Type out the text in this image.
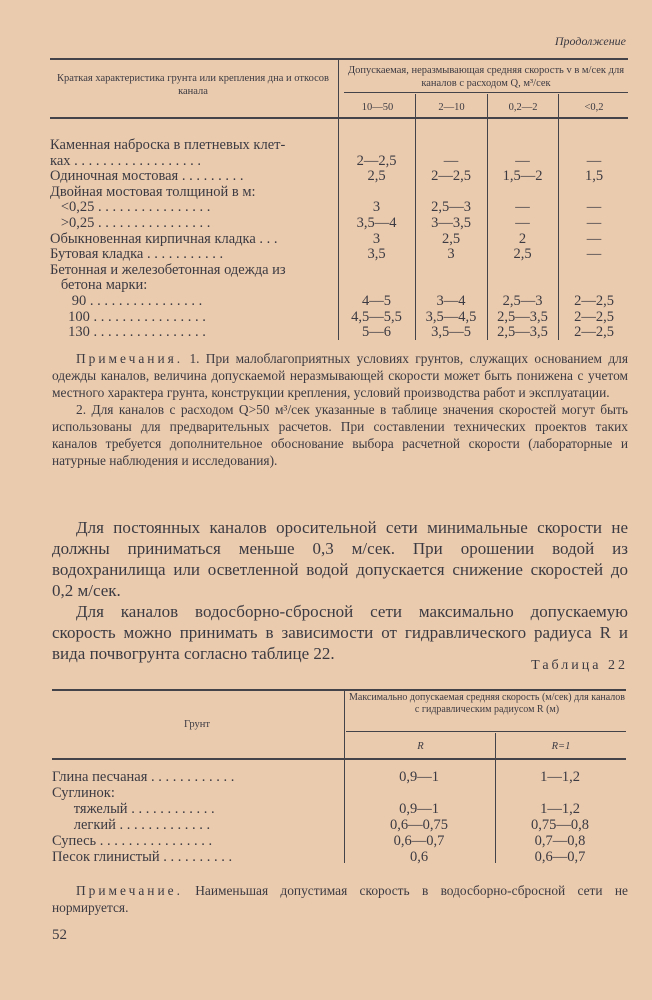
Продолжение
Краткая характеристика грунта или крепления дна и откосов канала
Допускаемая, неразмывающая средняя скорость v в м/сек для каналов с расходом Q, м³/сек
10—50	2—10	0,2—2	<0,2
Каменная наброска в плетневых клет-
ках . . . . . . . . . . . . . . . . . .	2—2,5	—	—	—
Одиночная мостовая . . . . . . . . .	2,5	2—2,5	1,5—2	1,5
Двойная мостовая толщиной в м:
<0,25 . . . . . . . . . . . . . . . .	3	2,5—3	—	—
>0,25 . . . . . . . . . . . . . . . .	3,5—4	3—3,5	—	—
Обыкновенная кирпичная кладка . . .	3	2,5	2	—
Бутовая кладка . . . . . . . . . . .	3,5	3	2,5	—
Бетонная и железобетонная одежда из
бетона марки:
90 . . . . . . . . . . . . . . . .	4—5	3—4	2,5—3	2—2,5
100 . . . . . . . . . . . . . . . .	4,5—5,5	3,5—4,5	2,5—3,5	2—2,5
130 . . . . . . . . . . . . . . . .	5—6	3,5—5	2,5—3,5	2—2,5

Примечания. 1. При малоблагоприятных условиях грунтов, служащих основанием для одежды каналов, величина допускаемой неразмывающей скорости может быть понижена с учетом местного характера грунта, конструкции крепления, условий производства работ и эксплуатации.

2. Для каналов с расходом Q>50 м³/сек указанные в таблице значения скоростей могут быть использованы для предварительных расчетов. При составлении технических проектов таких каналов требуется дополнительное обоснование выбора расчетной скорости (лабораторные и натурные наблюдения и исследования).

Для постоянных каналов оросительной сети минимальные скорости не должны приниматься меньше 0,3 м/сек. При орошении водой из водохранилища или осветленной водой допускается снижение скоростей до 0,2 м/сек.

Для каналов водосборно-сбросной сети максимально допускаемую скорость можно принимать в зависимости от гидравлического радиуса R и вида почвогрунта согласно таблице 22.

Таблица 22
Грунт
Максимально допускаемая средняя скорость (м/сек) для каналов с гидравлическим радиусом R (м)
R	R=1
Глина песчаная . . . . . . . . . . . .	0,9—1	1—1,2
Суглинок:
тяжелый . . . . . . . . . . . .	0,9—1	1—1,2
легкий . . . . . . . . . . . . .	0,6—0,75	0,75—0,8
Супесь . . . . . . . . . . . . . . . .	0,6—0,7	0,7—0,8
Песок глинистый . . . . . . . . . .	0,6	0,6—0,7

Примечание. Наименьшая допустимая скорость в водосборно-сбросной сети не нормируется.

52
